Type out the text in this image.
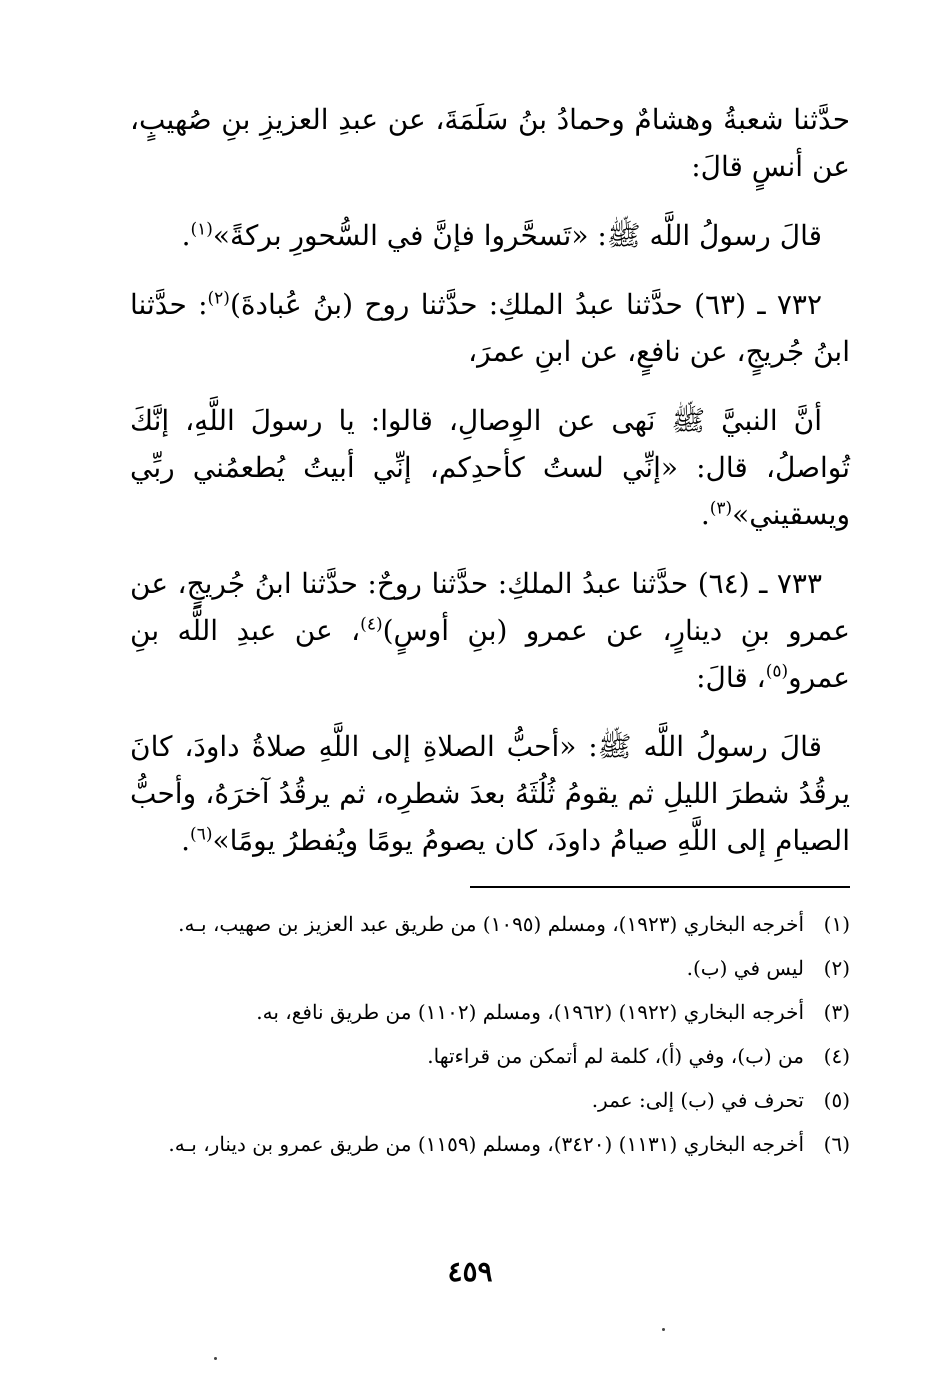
حدَّثنا شعبةُ وهشامٌ وحمادُ بنُ سَلَمَةَ، عن عبدِ العزيزِ بنِ صُهيبٍ، عن أنسٍ قالَ:

قالَ رسولُ اللَّه ﷺ: «تَسحَّروا فإنَّ في السُّحورِ بركةً»$^{(١)}$.
٧٣٢ ـ (٦٣) حدَّثنا عبدُ الملكِ: حدَّثنا روح (بنُ عُبادةَ)$^{(٢)}$: حدَّثنا ابنُ جُريجٍ، عن نافعٍ، عن ابنِ عمرَ،
أنَّ النبيَّ ﷺ نَهى عن الوِصالِ، قالوا: يا رسولَ اللَّهِ، إنَّكَ تُواصلُ، قال: «إنِّي لستُ كأحدِكم، إنِّي أبيتُ يُطعمُني ربِّي ويسقيني»$^{(٣)}$.
٧٣٣ ـ (٦٤) حدَّثنا عبدُ الملكِ: حدَّثنا روحٌ: حدَّثنا ابنُ جُريجٍ، عن عمرو بنِ دينارٍ، عن عمرو (بنِ أوسٍ)$^{(٤)}$، عن عبدِ اللَّه بنِ عمرو$^{(٥)}$، قالَ:
قالَ رسولُ اللَّه ﷺ: «أحبُّ الصلاةِ إلى اللَّهِ صلاةُ داودَ، كانَ يرقُدُ شطرَ الليلِ ثم يقومُ ثُلُثَهُ بعدَ شطرِه، ثم يرقُدُ آخرَهُ، وأحبُّ الصيامِ إلى اللَّهِ صيامُ داودَ، كان يصومُ يومًا ويُفطرُ يومًا»$^{(٦)}$.
(١)
أخرجه البخاري (١٩٢٣)، ومسلم (١٠٩٥) من طريق عبد العزيز بن صهيب، بـه.
(٢)
ليس في (ب).
(٣)
أخرجه البخاري (١٩٢٢) (١٩٦٢)، ومسلم (١١٠٢) من طريق نافع، به.
(٤)
من (ب)، وفي (أ)، كلمة لم أتمكن من قراءتها.
(٥)
تحرف في (ب) إلى: عمر.
(٦)
أخرجه البخاري (١١٣١) (٣٤٢٠)، ومسلم (١١٥٩) من طريق عمرو بن دينار، بـه.
٤٥٩
